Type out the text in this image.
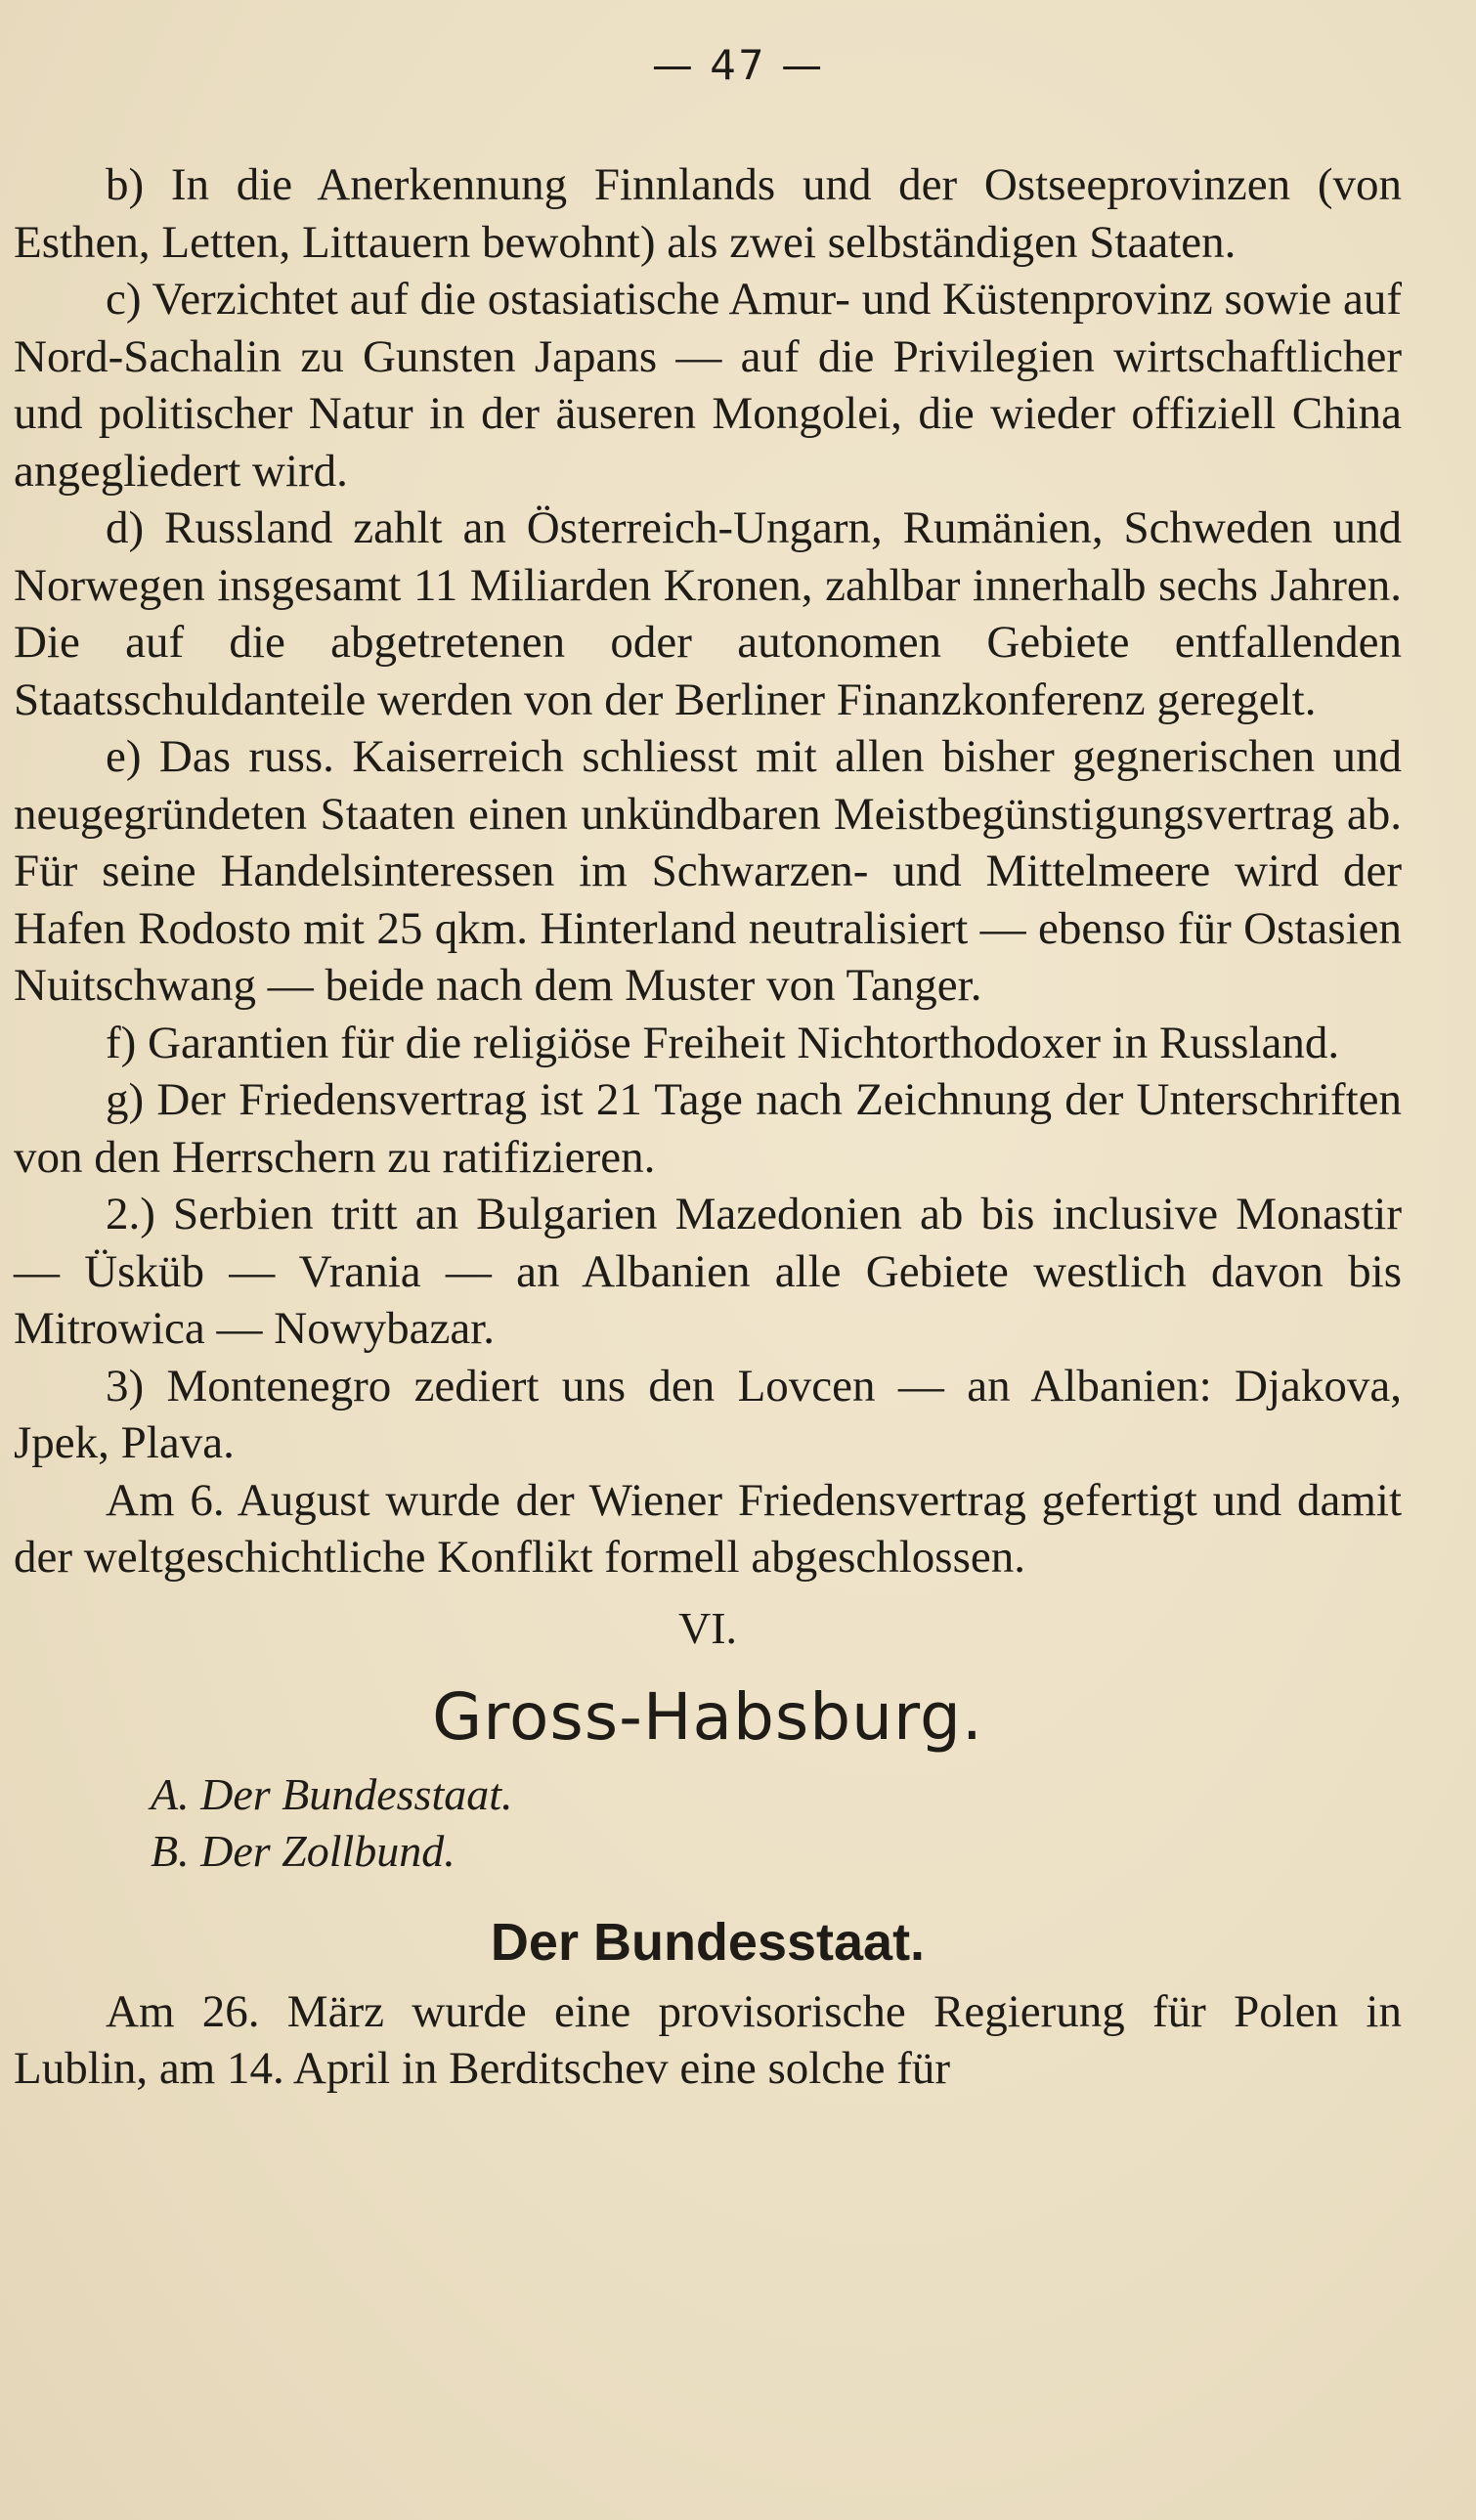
— 47 —

b) In die Anerkennung Finnlands und der Ostseeprovinzen (von Esthen, Letten, Littauern bewohnt) als zwei selbständigen Staaten.

c) Verzichtet auf die ostasiatische Amur- und Küstenprovinz sowie auf Nord-Sachalin zu Gunsten Japans — auf die Privilegien wirtschaftlicher und politischer Natur in der äuseren Mongolei, die wieder offiziell China angegliedert wird.

d) Russland zahlt an Österreich-Ungarn, Rumänien, Schweden und Norwegen insgesamt 11 Miliarden Kronen, zahlbar innerhalb sechs Jahren. Die auf die abgetretenen oder autonomen Gebiete entfallenden Staatsschuldanteile werden von der Berliner Finanzkonferenz geregelt.

e) Das russ. Kaiserreich schliesst mit allen bisher gegnerischen und neugegründeten Staaten einen unkündbaren Meistbegünstigungsvertrag ab. Für seine Handelsinteressen im Schwarzen- und Mittelmeere wird der Hafen Rodosto mit 25 qkm. Hinterland neutralisiert — ebenso für Ostasien Nuitschwang — beide nach dem Muster von Tanger.

f) Garantien für die religiöse Freiheit Nichtorthodoxer in Russland.

g) Der Friedensvertrag ist 21 Tage nach Zeichnung der Unterschriften von den Herrschern zu ratifizieren.

2.) Serbien tritt an Bulgarien Mazedonien ab bis inclusive Monastir — Üsküb — Vrania — an Albanien alle Gebiete westlich davon bis Mitrowica — Nowybazar.

3) Montenegro zediert uns den Lovcen — an Albanien: Djakova, Jpek, Plava.

Am 6. August wurde der Wiener Friedensvertrag gefertigt und damit der weltgeschichtliche Konflikt formell abgeschlossen.

VI.
Gross-Habsburg.
A. Der Bundesstaat.
B. Der Zollbund.
Der Bundesstaat.

Am 26. März wurde eine provisorische Regierung für Polen in Lublin, am 14. April in Berditschev eine solche für
